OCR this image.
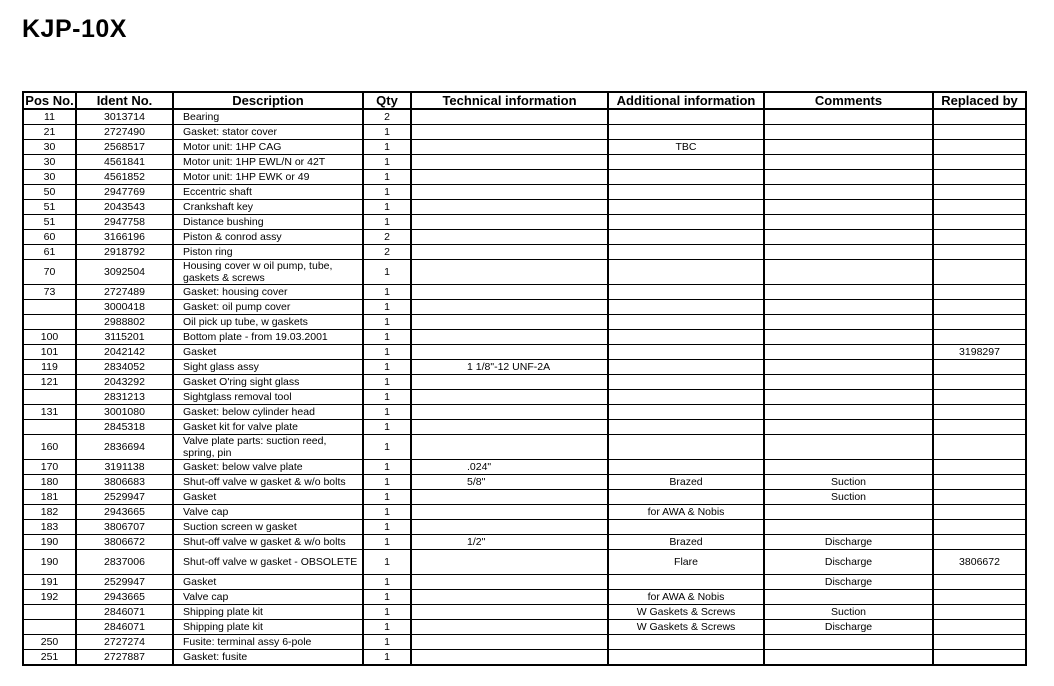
KJP-10X
Pos No.	Ident No.	Description	Qty	Technical information	Additional information	Comments	Replaced by
11	3013714	Bearing	2				
21	2727490	Gasket: stator cover	1				
30	2568517	Motor unit: 1HP CAG	1		TBC		
30	4561841	Motor unit: 1HP EWL/N or 42T	1				
30	4561852	Motor unit: 1HP EWK or 49	1				
50	2947769	Eccentric shaft	1				
51	2043543	Crankshaft key	1				
51	2947758	Distance bushing	1				
60	3166196	Piston & conrod assy	2				
61	2918792	Piston ring	2				
70	3092504	Housing cover w oil pump, tube, gaskets & screws	1				
73	2727489	Gasket: housing cover	1				
	3000418	Gasket: oil pump cover	1				
	2988802	Oil pick up tube, w gaskets	1				
100	3115201	Bottom plate - from 19.03.2001	1				
101	2042142	Gasket	1				3198297
119	2834052	Sight glass assy	1	1 1/8"-12 UNF-2A			
121	2043292	Gasket O'ring sight glass	1				
	2831213	Sightglass removal tool	1				
131	3001080	Gasket: below cylinder head	1				
	2845318	Gasket kit for valve plate	1				
160	2836694	Valve plate parts: suction reed, spring, pin	1				
170	3191138	Gasket: below valve plate	1	.024"			
180	3806683	Shut-off valve w gasket & w/o bolts	1	5/8"	Brazed	Suction	
181	2529947	Gasket	1			Suction	
182	2943665	Valve cap	1		for AWA & Nobis		
183	3806707	Suction screen w gasket	1				
190	3806672	Shut-off valve w gasket & w/o bolts	1	1/2"	Brazed	Discharge	
190	2837006	Shut-off valve w gasket - OBSOLETE	1		Flare	Discharge	3806672
191	2529947	Gasket	1			Discharge	
192	2943665	Valve cap	1		for AWA & Nobis		
	2846071	Shipping plate kit	1		W Gaskets & Screws	Suction	
	2846071	Shipping plate kit	1		W Gaskets & Screws	Discharge	
250	2727274	Fusite: terminal assy 6-pole	1				
251	2727887	Gasket: fusite	1				
